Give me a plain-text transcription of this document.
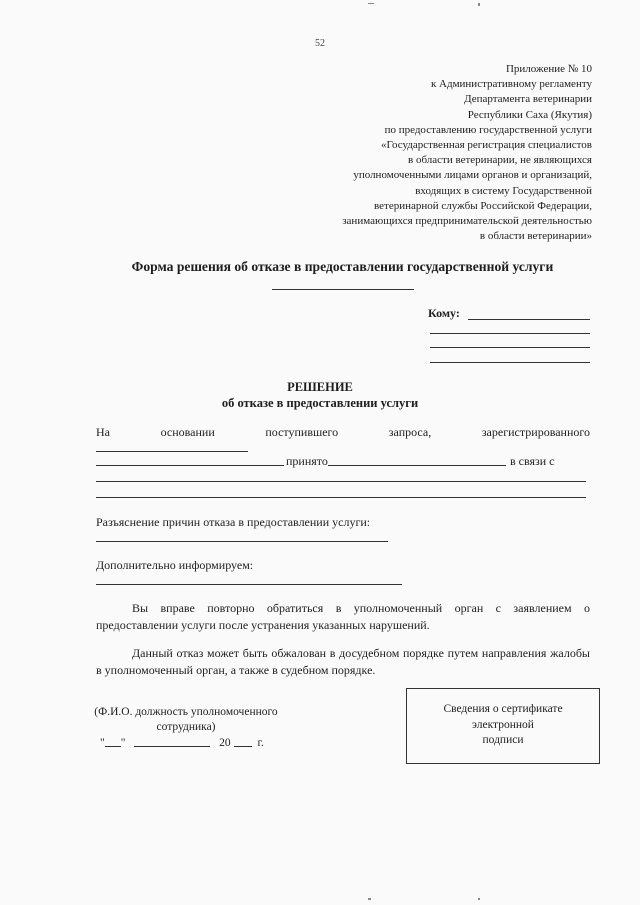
52
Приложение № 10
к Административному регламенту
Департамента ветеринарии
Республики Саха (Якутия)
по предоставлению государственной услуги
«Государственная регистрация специалистов
в области ветеринарии, не являющихся
уполномоченными лицами органов и организаций,
входящих в систему Государственной
ветеринарной службы Российской Федерации,
занимающихся предпринимательской деятельностью
в области ветеринарии»
Форма решения об отказе в предоставлении государственной услуги
Кому:
РЕШЕНИЕ
об отказе в предоставлении услуги
На	основании	поступившего	запроса,	зарегистрированного
принято	в связи с
Разъяснение причин отказа в предоставлении услуги:
Дополнительно информируем:
Вы вправе повторно обратиться в уполномоченный орган с заявлением о предоставлении услуги после устранения указанных нарушений.
Данный отказ может быть обжалован в досудебном порядке путем направления жалобы в уполномоченный орган, а также в судебном порядке.
(Ф.И.О. должность уполномоченного
сотрудника)
" "	20 г.
Сведения о сертификате
электронной
подписи
